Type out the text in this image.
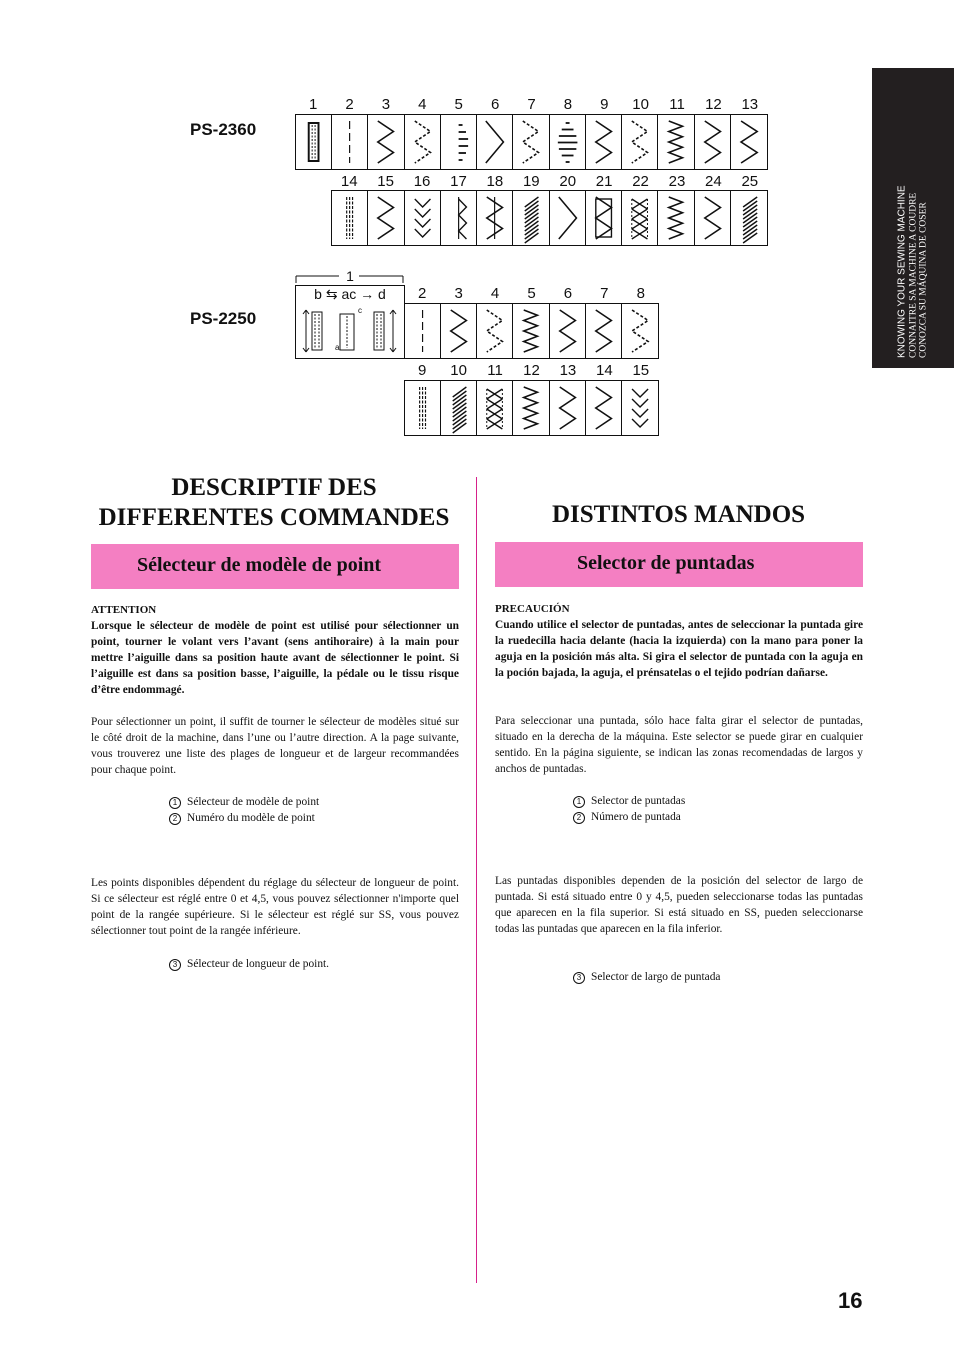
KNOWING YOUR SEWING MACHINE CONNAITRE SA MACHINE A COUDRE CONOZCA SU MÁQUINA DE COSER
PS-2360
1	2	3	4	5	6	7	8	9	10	11	12	13
14	15	16	17	18	19	20	21	22	23	24	25
PS-2250
1
b ⇆ ac → d
c
a
2	3	4	5	6	7	8
9	10	11	12	13	14	15
DESCRIPTIF DES
DIFFERENTES COMMANDES	DISTINTOS MANDOS
Sélecteur de modèle de point	Selector de puntadas
ATTENTION
Lorsque le sélecteur de modèle de point est utilisé pour sélectionner un point, tourner le volant vers l’avant (sens antihoraire) à la main pour mettre l’aiguille dans sa position haute avant de sélectionner le point. Si l’aiguille est dans sa position basse, l’aiguille, la pédale ou le tissu risque d’être endommagé.
Pour sélectionner un point, il suffit de tourner le sélecteur de modèles situé sur le côté droit de la machine, dans l’une ou l’autre direction. A la page suivante, vous trouverez une liste des plages de longueur et de largeur recommandées pour chaque point.
1 Sélecteur de modèle de point
2 Numéro du modèle de point
Les points disponibles dépendent du réglage du sélecteur de longueur de point. Si ce sélecteur est réglé entre 0 et 4,5, vous pouvez sélectionner n'importe quel point de la rangée supérieure. Si le sélecteur est réglé sur SS, vous pouvez sélectionner tout point de la rangée inférieure.
3 Sélecteur de longueur de point.
PRECAUCIÓN
Cuando utilice el selector de puntadas, antes de seleccionar la puntada gire la ruedecilla hacia delante (hacia la izquierda) con la mano para poner la aguja en la posición más alta. Si gira el selector de puntada con la aguja en la poción bajada, la aguja, el prénsatelas o el tejido podrían dañarse.
Para seleccionar una puntada, sólo hace falta girar el selector de puntadas, situado en la derecha de la máquina. Este selector se puede girar en cualquier sentido. En la página siguiente, se indican las zonas recomendadas de largos y anchos de puntadas.
1 Selector de puntadas
2 Número de puntada
Las puntadas disponibles dependen de la posición del selector de largo de puntada. Si está situado entre 0 y 4,5, pueden seleccionarse todas las puntadas que aparecen en la fila superior. Si está situado en SS, pueden seleccionarse todas las puntadas que aparecen en la fila inferior.
3 Selector de largo de puntada
16
